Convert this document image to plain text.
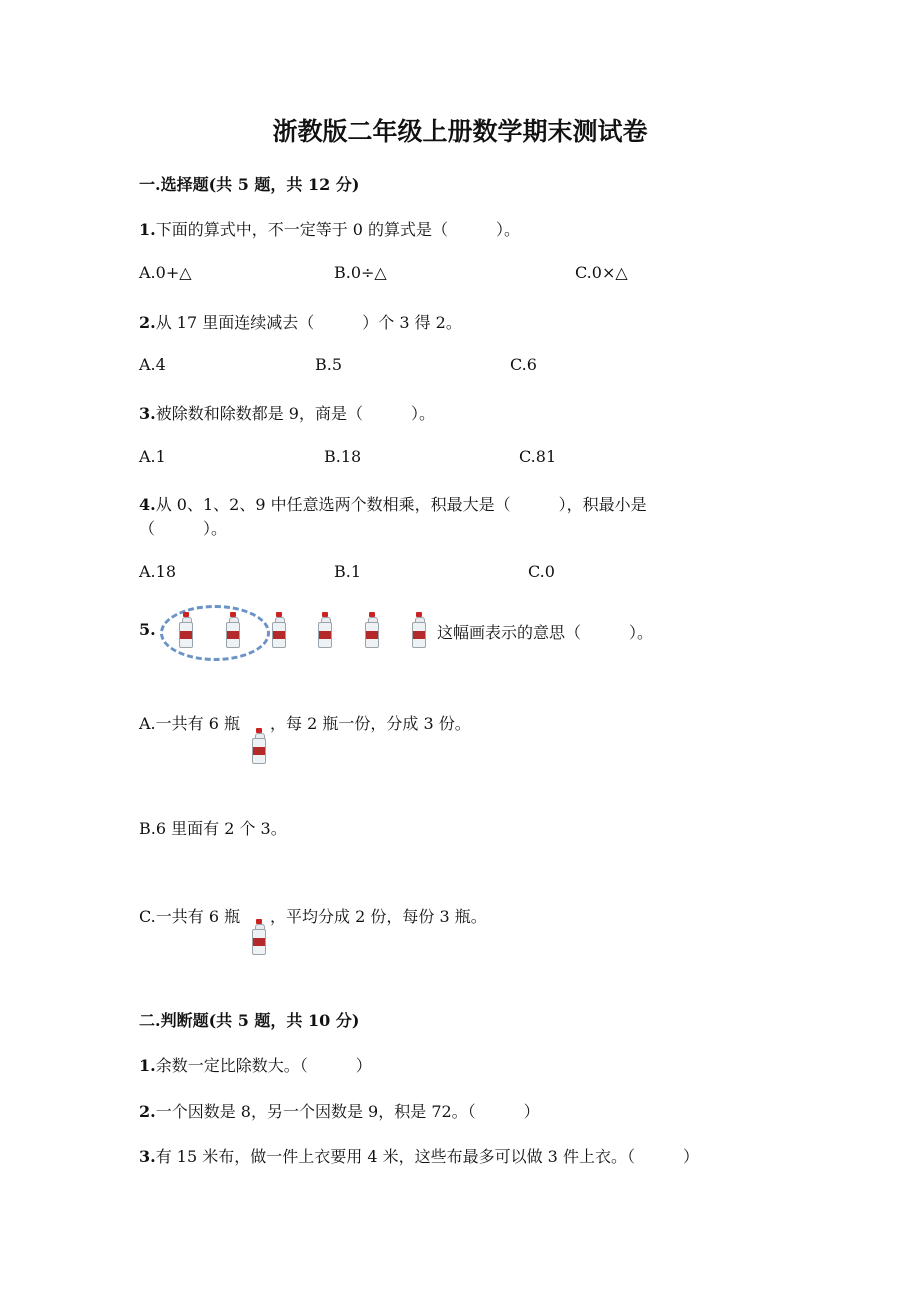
浙教版二年级上册数学期末测试卷
一.选择题(共 5 题，共 12 分)
1.下面的算式中，不一定等于 0 的算式是（　　　）。
A.0+△	B.0÷△	C.0×△
2.从 17 里面连续减去（　　　）个 3 得 2。
A.4	B.5	C.6
3.被除数和除数都是 9，商是（　　　）。
A.1	B.18	C.81
4.从 0、1、2、9 中任意选两个数相乘，积最大是（　　　），积最小是
（　　　）。
A.18	B.1	C.0
5.	这幅画表示的意思（　　　）。
A.一共有 6 瓶 ，每 2 瓶一份，分成 3 份。
B.6 里面有 2 个 3。
C.一共有 6 瓶 ，平均分成 2 份，每份 3 瓶。
二.判断题(共 5 题，共 10 分)
1.余数一定比除数大。（　　　）
2.一个因数是 8，另一个因数是 9，积是 72。（　　　）
3.有 15 米布，做一件上衣要用 4 米，这些布最多可以做 3 件上衣。（　　　）
